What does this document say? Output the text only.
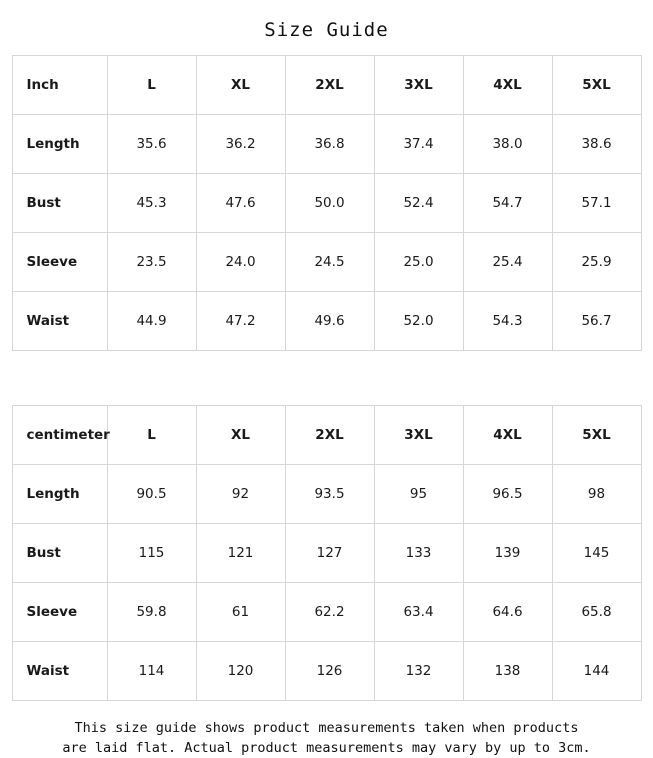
Size Guide
Inch	L	XL	2XL	3XL	4XL	5XL
Length	35.6	36.2	36.8	37.4	38.0	38.6
Bust	45.3	47.6	50.0	52.4	54.7	57.1
Sleeve	23.5	24.0	24.5	25.0	25.4	25.9
Waist	44.9	47.2	49.6	52.0	54.3	56.7
centimeter	L	XL	2XL	3XL	4XL	5XL
Length	90.5	92	93.5	95	96.5	98
Bust	115	121	127	133	139	145
Sleeve	59.8	61	62.2	63.4	64.6	65.8
Waist	114	120	126	132	138	144
This size guide shows product measurements taken when products
are laid flat. Actual product measurements may vary by up to 3cm.
